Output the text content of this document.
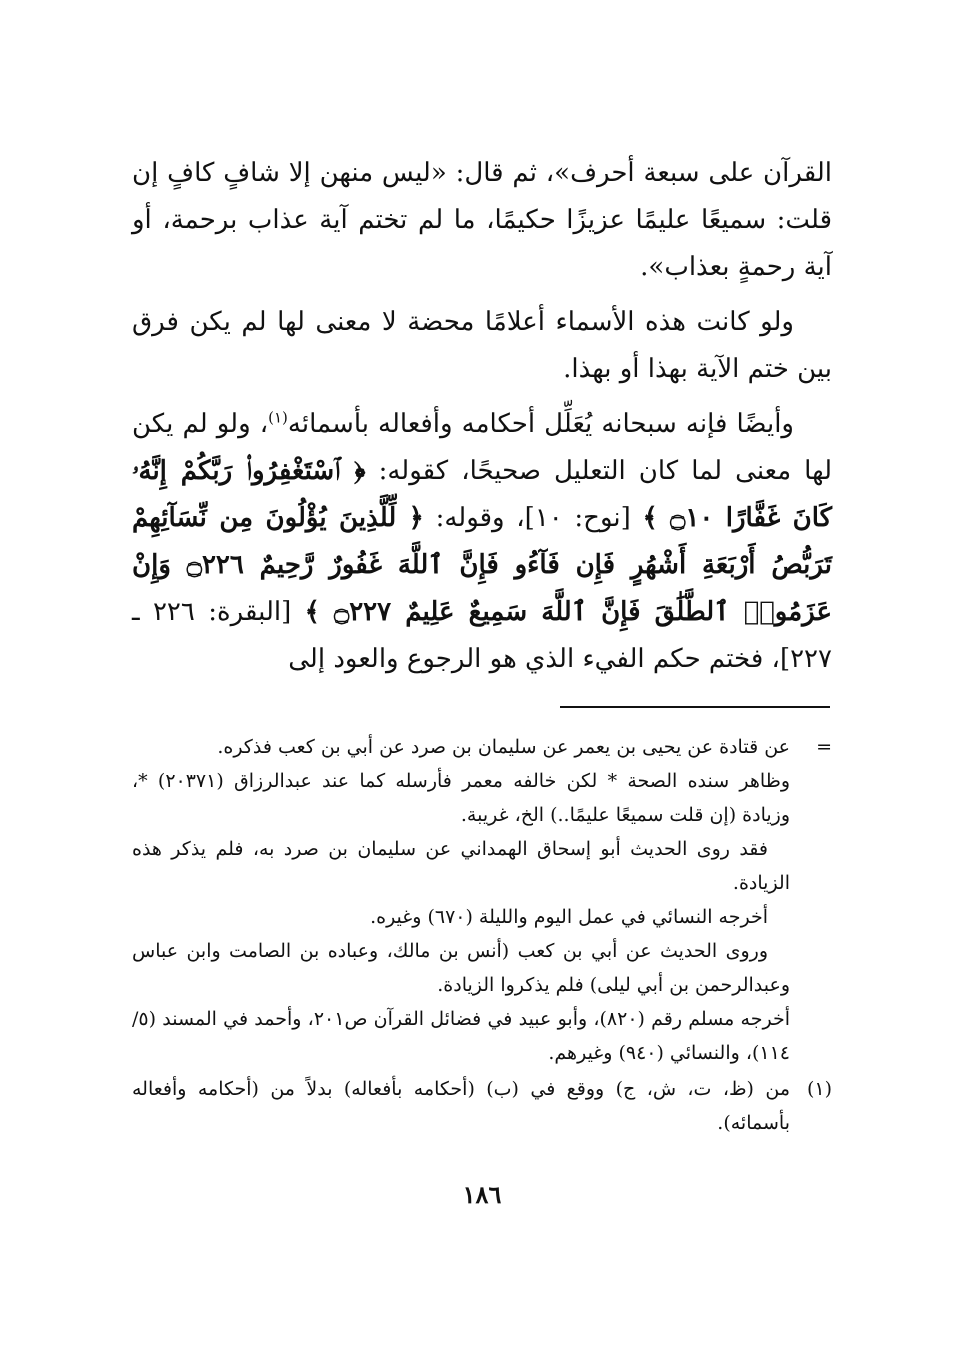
القرآن على سبعة أحرف»، ثم قال: «ليس منهن إلا شافٍ كافٍ إن قلت: سميعًا عليمًا عزيزًا حكيمًا، ما لم تختم آية عذاب برحمة، أو آية رحمةٍ بعذاب».

ولو كانت هذه الأسماء أعلامًا محضة لا معنى لها لم يكن فرق بين ختم الآية بهذا أو بهذا.

وأيضًا فإنه سبحانه يُعَلِّل أحكامه وأفعاله بأسمائه$^{(١)}$، ولو لم يكن لها معنى لما كان التعليل صحيحًا، كقوله: ﴿ ٱسْتَغْفِرُوا۟ رَبَّكُمْ إِنَّهُۥ كَانَ غَفَّارًا ۝١٠ ﴾ [نوح: ١٠]، وقوله: ﴿ لِّلَّذِينَ يُؤْلُونَ مِن نِّسَآئِهِمْ تَرَبُّصُ أَرْبَعَةِ أَشْهُرٍ فَإِن فَآءُو فَإِنَّ ٱللَّهَ غَفُورٌ رَّحِيمٌ ۝٢٢٦ وَإِنْ عَزَمُوا۟ ٱلطَّلَٰقَ فَإِنَّ ٱللَّهَ سَمِيعٌ عَلِيمٌ ۝٢٢٧ ﴾ [البقرة: ٢٢٦ ـ ٢٢٧]، فختم حكم الفيء الذي هو الرجوع والعود إلى

=

عن قتادة عن يحيى بن يعمر عن سليمان بن صرد عن أبي بن كعب فذكره.

وظاهر سنده الصحة * لكن خالفه معمر فأرسله كما عند عبدالرزاق (٢٠٣٧١) *، وزيادة (إن قلت سميعًا عليمًا..) الخ، غريبة.

فقد روى الحديث أبو إسحاق الهمداني عن سليمان بن صرد به، فلم يذكر هذه الزيادة.

أخرجه النسائي في عمل اليوم والليلة (٦٧٠) وغيره.

وروى الحديث عن أبي بن كعب (أنس بن مالك، وعباده بن الصامت وابن عباس وعبدالرحمن بن أبي ليلى) فلم يذكروا الزيادة.

أخرجه مسلم رقم (٨٢٠)، وأبو عبيد في فضائل القرآن ص٢٠١، وأحمد في المسند (٥/ ١١٤)، والنسائي (٩٤٠) وغيرهم.

(١)

من (ظ، ت، ش، ج) ووقع في (ب) (أحكامه بأفعاله) بدلاً من (أحكامه وأفعاله بأسمائه).

١٨٦
